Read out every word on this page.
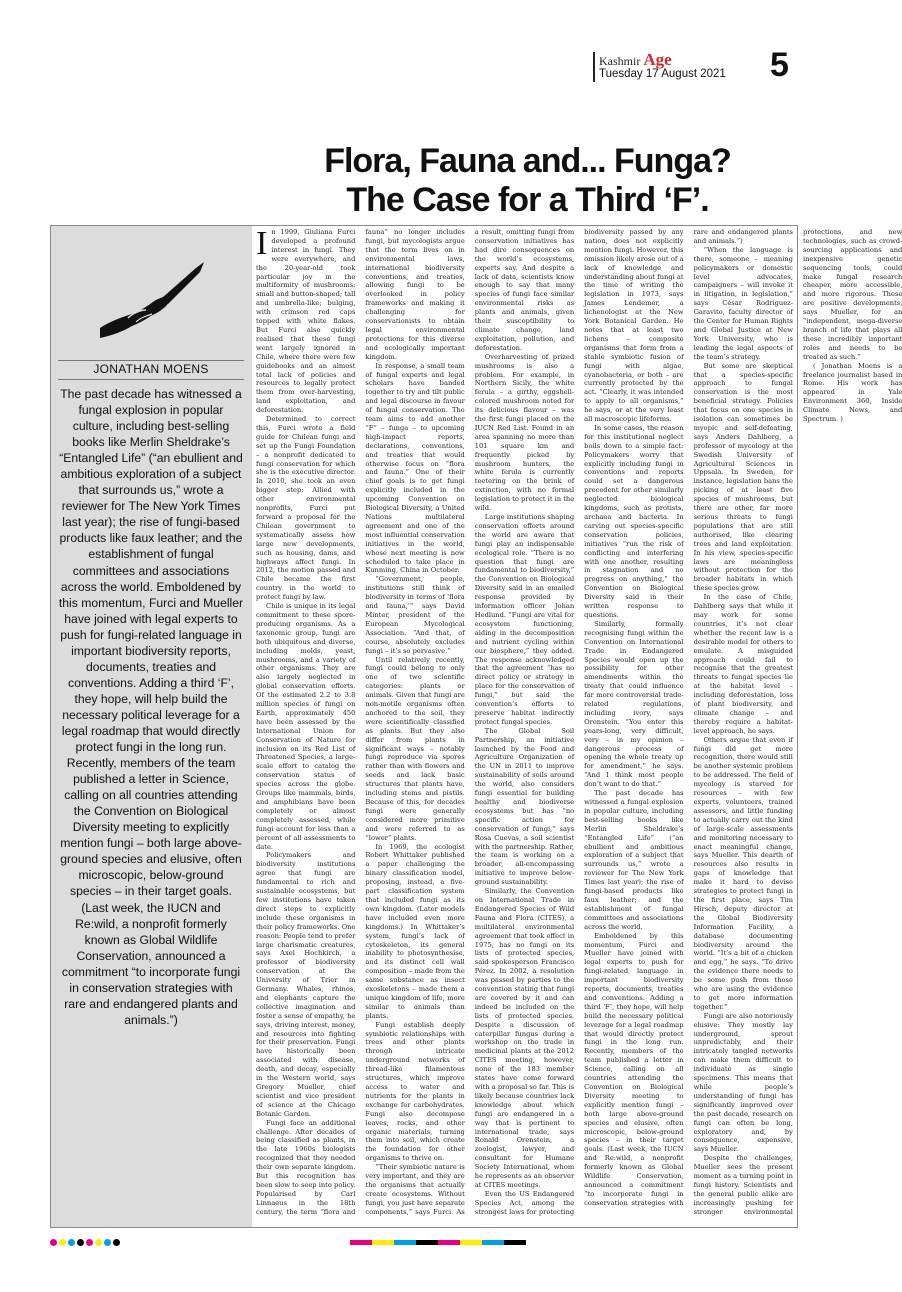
Kashmir Age
Tuesday 17 August 2021 5
Flora, Fauna and... Funga?
The Case for a Third ‘F’.
JONATHAN MOENS
The past decade has witnessed a fungal explosion in popular culture, including best-selling books like Merlin Sheldrake’s “Entangled Life” (“an ebullient and ambitious exploration of a subject that surrounds us,” wrote a reviewer for The New York Times last year); the rise of fungi-based products like faux leather; and the establishment of fungal committees and associations across the world. Emboldened by this momentum, Furci and Mueller have joined with legal experts to push for fungi-related language in important biodiversity reports, documents, treaties and conventions. Adding a third ‘F’, they hope, will help build the necessary political leverage for a legal roadmap that would directly protect fungi in the long run. Recently, members of the team published a letter in Science, calling on all countries attending the Convention on Biological Diversity meeting to explicitly mention fungi – both large above-ground species and elusive, often microscopic, below-ground species – in their target goals. (Last week, the IUCN and Re:wild, a nonprofit formerly known as Global Wildlife Conservation, announced a commitment “to incorporate fungi in conservation strategies with rare and endangered plants and animals.”)

In 1999, Giuliana Furci developed a profound interest in fungi. They were everywhere, and the 20-year-old took particular joy in the multiformity of mushrooms: small and button-shaped; tall and umbrella-like; bulging, with crimson red caps topped with white flakes. But Furci also quickly realised that these fungi went largely ignored in Chile, where there were few guidebooks and an almost total lack of policies and resources to legally protect them from over-harvesting, land exploitation, and deforestation.

Determined to correct this, Furci wrote a field guide for Chilean fungi and set up the Fungi Foundation – a nonprofit dedicated to fungi conservation for which she is the executive director. In 2010, she took an even bigger step: Allied with other environmental nonprofits, Furci put forward a proposal for the Chilean government to systematically assess how large new developments, such as housing, dams, and highways affect fungi. In 2012, the motion passed and Chile became the first country in the world to protect fungi by law.

Chile is unique in its legal commitment to these spore-producing organisms. As a taxonomic group, fungi are both ubiquitous and diverse, including molds, yeast, mushrooms, and a variety of other organisms. They are also largely neglected in global conservation efforts. Of the estimated 2.2 to 3.8 million species of fungi on Earth, approximately 450 have been assessed by the International Union for Conservation of Nature for inclusion on its Red List of Threatened Species, a large-scale effort to catalog the conservation status of species across the globe. Groups like mammals, birds, and amphibians have been completely or almost completely assessed, while fungi account for less than a percent of all assessments to date.

Policymakers and biodiversity institutions agree that fungi are fundamental to rich and sustainable ecosystems, but few institutions have taken direct steps to explicitly include these organisms in their policy frameworks. One reason: People tend to prefer large charismatic creatures, says Axel Hochkirch, a professor of biodiversity conservation at the University of Trier in Germany. Whales, rhinos, and elephants capture the collective imagination and foster a sense of empathy, he says, driving interest, money, and resources into fighting for their preservation. Fungi have historically been associated with disease, death, and decay, especially in the Western world, says Gregory Mueller, chief scientist and vice president of science at the Chicago Botanic Garden.

Fungi face an additional challenge. After decades of being classified as plants, in the late 1960s biologists recognized that they needed their own separate kingdom. But this recognition has been slow to seep into policy. Popularised by Carl Linnaeus in the 18th century, the term “flora and fauna” no longer includes fungi, but mycologists argue that the term lives on in environmental laws, international biodiversity conventions, and treaties, allowing fungi to be overlooked in policy frameworks and making it challenging for conservationists to obtain legal environmental protections for this diverse and ecologically important kingdom.

In response, a small team of fungal experts and legal scholars have banded together to try and tilt public and legal discourse in favour of fungal conservation. The team aims to add another “F” – funga – to upcoming high-impact reports, declarations, conventions, and treaties that would otherwise focus on “flora and fauna.” One of their chief goals is to get fungi explicitly included in the upcoming Convention on Biological Diversity, a United Nations multilateral agreement and one of the most influential conservation initiatives in the world, whose next meeting is now scheduled to take place in Kunming, China in October.

“Government, people, institutions still think of biodiversity in terms of ‘flora and fauna,’” says David Minter, president of the European Mycological Association. “And that, of course, absolutely excludes fungi – it’s so pervasive.”

Until relatively recently, fungi could belong to only one of two scientific categories: plants or animals. Given that fungi are non-motile organisms often anchored to the soil, they were scientifically classified as plants. But they also differ from plants in significant ways – notably fungi reproduce via spores rather than with flowers and seeds and lack basic structures that plants have, including stems and pistils. Because of this, for decades fungi were generally considered more primitive and were referred to as “lower” plants.

In 1969, the ecologist Robert Whittaker published a paper challenging the binary classification model, proposing, instead, a five-part classification system that included fungi as its own kingdom. (Later models have included even more kingdoms.) In Whittaker’s system, fungi’s lack of cytoskeleton, its general inability to photosynthesise, and its distinct cell wall composition – made from the same substance as insect exoskeletons – made them a unique kingdom of life, more similar to animals than plants.

Fungi establish deeply symbiotic relationships with trees and other plants through intricate underground networks of thread-like filamentous structures, which improve access to water and nutrients for the plants in exchange for carbohydrates. Fungi also decompose leaves, rocks, and other organic materials, turning them into soil, which create the foundation for other organisms to thrive on.

“Their symbiotic nature is very important, and they are the organisms that actually create ecosystems. Without fungi, you just have separate components,” says Furci. As a result, omitting fungi from conservation initiatives has had dire consequences on the world’s ecosystems, experts say. And despite a lack of data, scientists know enough to say that many species of fungi face similar environmental risks as plants and animals, given their susceptibility to climate change, land exploitation, pollution, and deforestation.

Overharvesting of prized mushrooms is also a problem. For example, in Northern Sicily, the white ferula – a girthy, eggshell-colored mushroom noted for its delicious flavour – was the first fungi placed on the IUCN Red List. Found in an area spanning no more than 101 square km and frequently picked by mushroom hunters, the white ferula is currently teetering on the brink of extinction, with no formal legislation to protect it in the wild.

Large institutions shaping conservation efforts around the world are aware that fungi play an indispensable ecological role. “There is no question that fungi are fundamental to biodiversity,” the Convention on Biological Diversity said in an emailed response provided by information officer Johan Hedlund. “Fungi are vital for ecosystem functioning, aiding in the decomposition and nutrient cycling within our biosphere,” they added. The response acknowledged that the agreement “has no direct policy or strategy in place for the conservation of fungi,” but said the convention’s efforts to preserve habitat indirectly protect fungal species.

The Global Soil Partnership, an initiative launched by the Food and Agriculture Organization of the UN in 2011 to improve sustainability of soils around the world, also considers fungi essential for building healthy and biodiverse ecosystems but has “no specific action for conservation of fungi,” says Rosa Cuevas, a soil scientist with the partnership. Rather, the team is working on a broader, all-encompassing initiative to improve below-ground sustainability.

Similarly, the Convention on International Trade in Endangered Species of Wild Fauna and Flora (CITES), a multilateral environmental agreement that took effect in 1975, has no fungi on its lists of protected species, said spokesperson Francisco Pérez. In 2002, a resolution was passed by parties to the convention stating that fungi are covered by it and can indeed be included on the lists of protected species. Despite a discussion of caterpillar fungus during a workshop on the trade in medicinal plants at the 2012 CITES meeting, however, none of the 183 member states have come forward with a proposal so far. This is likely because countries lack knowledge about which fungi are endangered in a way that is pertinent to international trade, says Ronald Orenstein, a zoologist, lawyer, and consultant for Humane Society International, whom he represents as an observer at CITES meetings.

Even the US Endangered Species Act, among the strongest laws for protecting biodiversity passed by any nation, does not explicitly mention fungi. However, this omission likely arose out of a lack of knowledge and understanding about fungi at the time of writing the legislation in 1973, says James Lendemer, a lichenologist at the New York Botanical Garden. He notes that at least two lichens – composite organisms that form from a stable symbiotic fusion of fungi with algae, cyanobacteria, or both – are currently protected by the act. “Clearly, it was intended to apply to all organisms,” he says, or at the very least all macroscopic lifeforms.

In some cases, the reason for this institutional neglect boils down to a simple fact: Policymakers worry that explicitly including fungi in conventions and reports could set a dangerous precedent for other similarly neglected biological kingdoms, such as protists, archaea and bacteria. In carving out species-specific conservation policies, initiatives “run the risk of conflicting and interfering with one another, resulting in stagnation and no progress on anything,” the Convention on Biological Diversity said in their written response to questions.

Similarly, formally recognising fungi within the Convention on International Trade in Endangered Species would open up the possibility for other amendments within the treaty that could influence far more controversial trade-related regulations, including ivory, says Orenstein. “You enter this years-long, very difficult, very – in my opinion – dangerous process of opening the whole treaty up for amendment,” he says. “And I think most people don’t want to do that.”

The past decade has witnessed a fungal explosion in popular culture, including best-selling books like Merlin Sheldrake’s “Entangled Life” (“an ebullient and ambitious exploration of a subject that surrounds us,” wrote a reviewer for The New York Times last year); the rise of fungi-based products like faux leather; and the establishment of fungal committees and associations across the world.

Emboldened by this momentum, Furci and Mueller have joined with legal experts to push for fungi-related language in important biodiversity reports, documents, treaties and conventions. Adding a third ‘F’, they hope, will help build the necessary political leverage for a legal roadmap that would directly protect fungi in the long run. Recently, members of the team published a letter in Science, calling on all countries attending the Convention on Biological Diversity meeting to explicitly mention fungi – both large above-ground species and elusive, often microscopic, below-ground species – in their target goals. (Last week, the IUCN and Re:wild, a nonprofit formerly known as Global Wildlife Conservation, announced a commitment “to incorporate fungi in conservation strategies with rare and endangered plants and animals.”)

“When the language is there, someone – meaning policymakers or domestic level advocates, campaigners – will invoke it in litigation, in legislation,” says César Rodríguez-Garavito, faculty director of the Center for Human Rights and Global Justice at New York University, who is leading the legal aspects of the team’s strategy.

But some are skeptical that a species-specific approach to fungal conservation is the most beneficial strategy. Policies that focus on one species in isolation can sometimes be myopic and self-defeating, says Anders Dahlberg, a professor of mycology at the Swedish University of Agricultural Sciences in Uppsala. In Sweden, for instance, legislation bans the picking of at least five species of mushrooms, but there are other, far more serious threats to fungi populations that are still authorised, like clearing trees and land exploitation. In his view, species-specific laws are meaningless without protection for the broader habitats in which these species grow.

In the case of Chile, Dahlberg says that while it may work for some countries, it’s not clear whether the recent law is a desirable model for others to emulate. A misguided approach could fail to recognise that the greatest threats to fungal species lie at the habitat level – including deforestation, loss of plant biodiversity, and climate change – and thereby require a habitat-level approach, he says.

Others argue that even if fungi did get more recognition, there would still be another systemic problem to be addressed. The field of mycology is starved for resources – with few experts, volunteers, trained assessors, and little funding to actually carry out the kind of large-scale assessments and monitoring necessary to enact meaningful change, says Mueller. This dearth of resources also results in gaps of knowledge that make it hard to devise strategies to protect fungi in the first place, says Tim Hirsch, deputy director at the Global Biodiversity Information Facility, a database documenting biodiversity around the world. “It’s a bit of a chicken and egg,” he says. “To drive the evidence there needs to be some push from those who are using the evidence to get more information together.”

Fungi are also notoriously elusive: They mostly lay underground, sprout unpredictably, and their intricately tangled networks can make them difficult to individuate as single specimens. This means that while people’s understanding of fungi has significantly improved over the past decade, research on fungi can often be long, exploratory and, by consequence, expensive, says Mueller.

Despite the challenges, Mueller sees the present moment as a turning point in fungi history. Scientists and the general public alike are increasingly pushing for stronger environmental protections, and new technologies, such as crowd-sourcing applications and inexpensive genetic sequencing tools, could make fungal research cheaper, more accessible, and more rigorous. These are positive developments, says Mueller, for an “independent, mega-diverse branch of life that plays all these incredibly important roles and needs to be treated as such.”

( Jonathan Moens is a freelance journalist based in Rome. His work has appeared in Yale Environment 360, Inside Climate News, and Spectrum. )
